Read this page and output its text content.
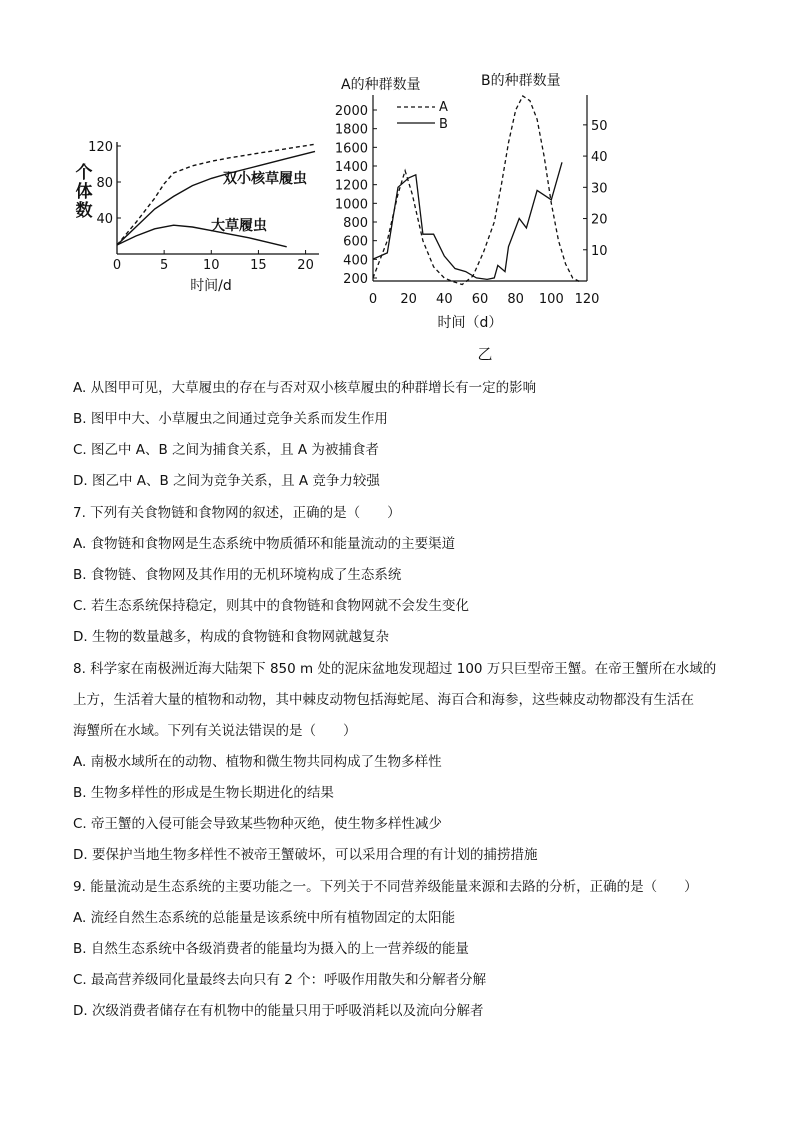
0	5	10 15 20
40
80
120
个
体
数
时间/d
双小核草履虫
大草履虫
0 20 40 60 80 100 120
200
400
600
800
1000
1200
1400
1600
1800
2000
10
20
30
40
50
A的种群数量	B的种群数量
时间（d）
乙
A
B
A. 从图甲可见，大草履虫的存在与否对双小核草履虫的种群增长有一定的影响
B. 图甲中大、小草履虫之间通过竞争关系而发生作用
C. 图乙中 A、B 之间为捕食关系，且 A 为被捕食者
D. 图乙中 A、B 之间为竞争关系，且 A 竞争力较强
7. 下列有关食物链和食物网的叙述，正确的是（　　）
A. 食物链和食物网是生态系统中物质循环和能量流动的主要渠道
B. 食物链、食物网及其作用的无机环境构成了生态系统
C. 若生态系统保持稳定，则其中的食物链和食物网就不会发生变化
D. 生物的数量越多，构成的食物链和食物网就越复杂
8. 科学家在南极洲近海大陆架下 850 m 处的泥床盆地发现超过 100 万只巨型帝王蟹。在帝王蟹所在水域的
上方，生活着大量的植物和动物，其中棘皮动物包括海蛇尾、海百合和海参，这些棘皮动物都没有生活在
海蟹所在水域。下列有关说法错误的是（　　）
A. 南极水域所在的动物、植物和微生物共同构成了生物多样性
B. 生物多样性的形成是生物长期进化的结果
C. 帝王蟹的入侵可能会导致某些物种灭绝，使生物多样性减少
D. 要保护当地生物多样性不被帝王蟹破坏，可以采用合理的有计划的捕捞措施
9. 能量流动是生态系统的主要功能之一。下列关于不同营养级能量来源和去路的分析，正确的是（　　）
A. 流经自然生态系统的总能量是该系统中所有植物固定的太阳能
B. 自然生态系统中各级消费者的能量均为摄入的上一营养级的能量
C. 最高营养级同化量最终去向只有 2 个：呼吸作用散失和分解者分解
D. 次级消费者储存在有机物中的能量只用于呼吸消耗以及流向分解者
